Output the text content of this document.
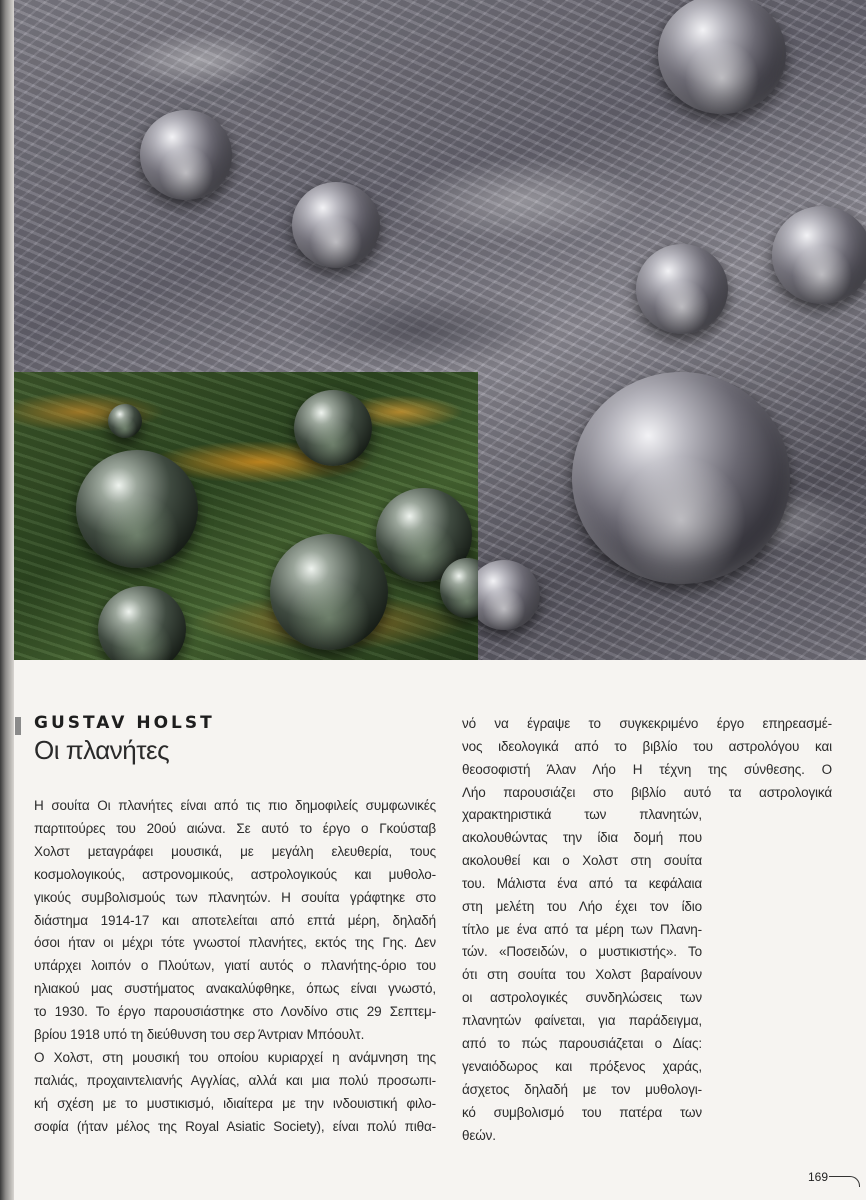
GUSTAV HOLST
Οι πλανήτες
Η σουίτα Οι πλανήτες είναι από τις πιο δημοφιλείς συμφωνικές
παρτιτούρες του 20ού αιώνα. Σε αυτό το έργο ο Γκούσταβ
Χολστ μεταγράφει μουσικά, με μεγάλη ελευθερία, τους
κοσμολογικούς, αστρονομικούς, αστρολογικούς και μυθολο-
γικούς συμβολισμούς των πλανητών. Η σουίτα γράφτηκε στο
διάστημα 1914-17 και αποτελείται από επτά μέρη, δηλαδή
όσοι ήταν οι μέχρι τότε γνωστοί πλανήτες, εκτός της Γης. Δεν
υπάρχει λοιπόν ο Πλούτων, γιατί αυτός ο πλανήτης-όριο του
ηλιακού μας συστήματος ανακαλύφθηκε, όπως είναι γνωστό,
το 1930. Το έργο παρουσιάστηκε στο Λονδίνο στις 29 Σεπτεμ-
βρίου 1918 υπό τη διεύθυνση του σερ Άντριαν Μπόουλτ.
Ο Χολστ, στη μουσική του οποίου κυριαρχεί η ανάμνηση της
παλιάς, προχαιντελιανής Αγγλίας, αλλά και μια πολύ προσωπι-
κή σχέση με το μυστικισμό, ιδιαίτερα με την ινδουιστική φιλο-
σοφία (ήταν μέλος της Royal Asiatic Society), είναι πολύ πιθα-
νό να έγραψε το συγκεκριμένο έργο επηρεασμέ-
νος ιδεολογικά από το βιβλίο του αστρολόγου και
θεοσοφιστή Άλαν Λήο Η τέχνη της σύνθεσης. Ο
Λήο παρουσιάζει στο βιβλίο αυτό τα αστρολογικά
χαρακτηριστικά των πλανητών,
ακολουθώντας την ίδια δομή που
ακολουθεί και ο Χολστ στη σουίτα
του. Μάλιστα ένα από τα κεφάλαια
στη μελέτη του Λήο έχει τον ίδιο
τίτλο με ένα από τα μέρη των Πλανη-
τών. «Ποσειδών, ο μυστικιστής». Το
ότι στη σουίτα του Χολστ βαραίνουν
οι αστρολογικές συνδηλώσεις των
πλανητών φαίνεται, για παράδειγμα,
από το πώς παρουσιάζεται ο Δίας:
γεναιόδωρος και πρόξενος χαράς,
άσχετος δηλαδή με τον μυθολογι-
κό συμβολισμό του πατέρα των
θεών.
169
